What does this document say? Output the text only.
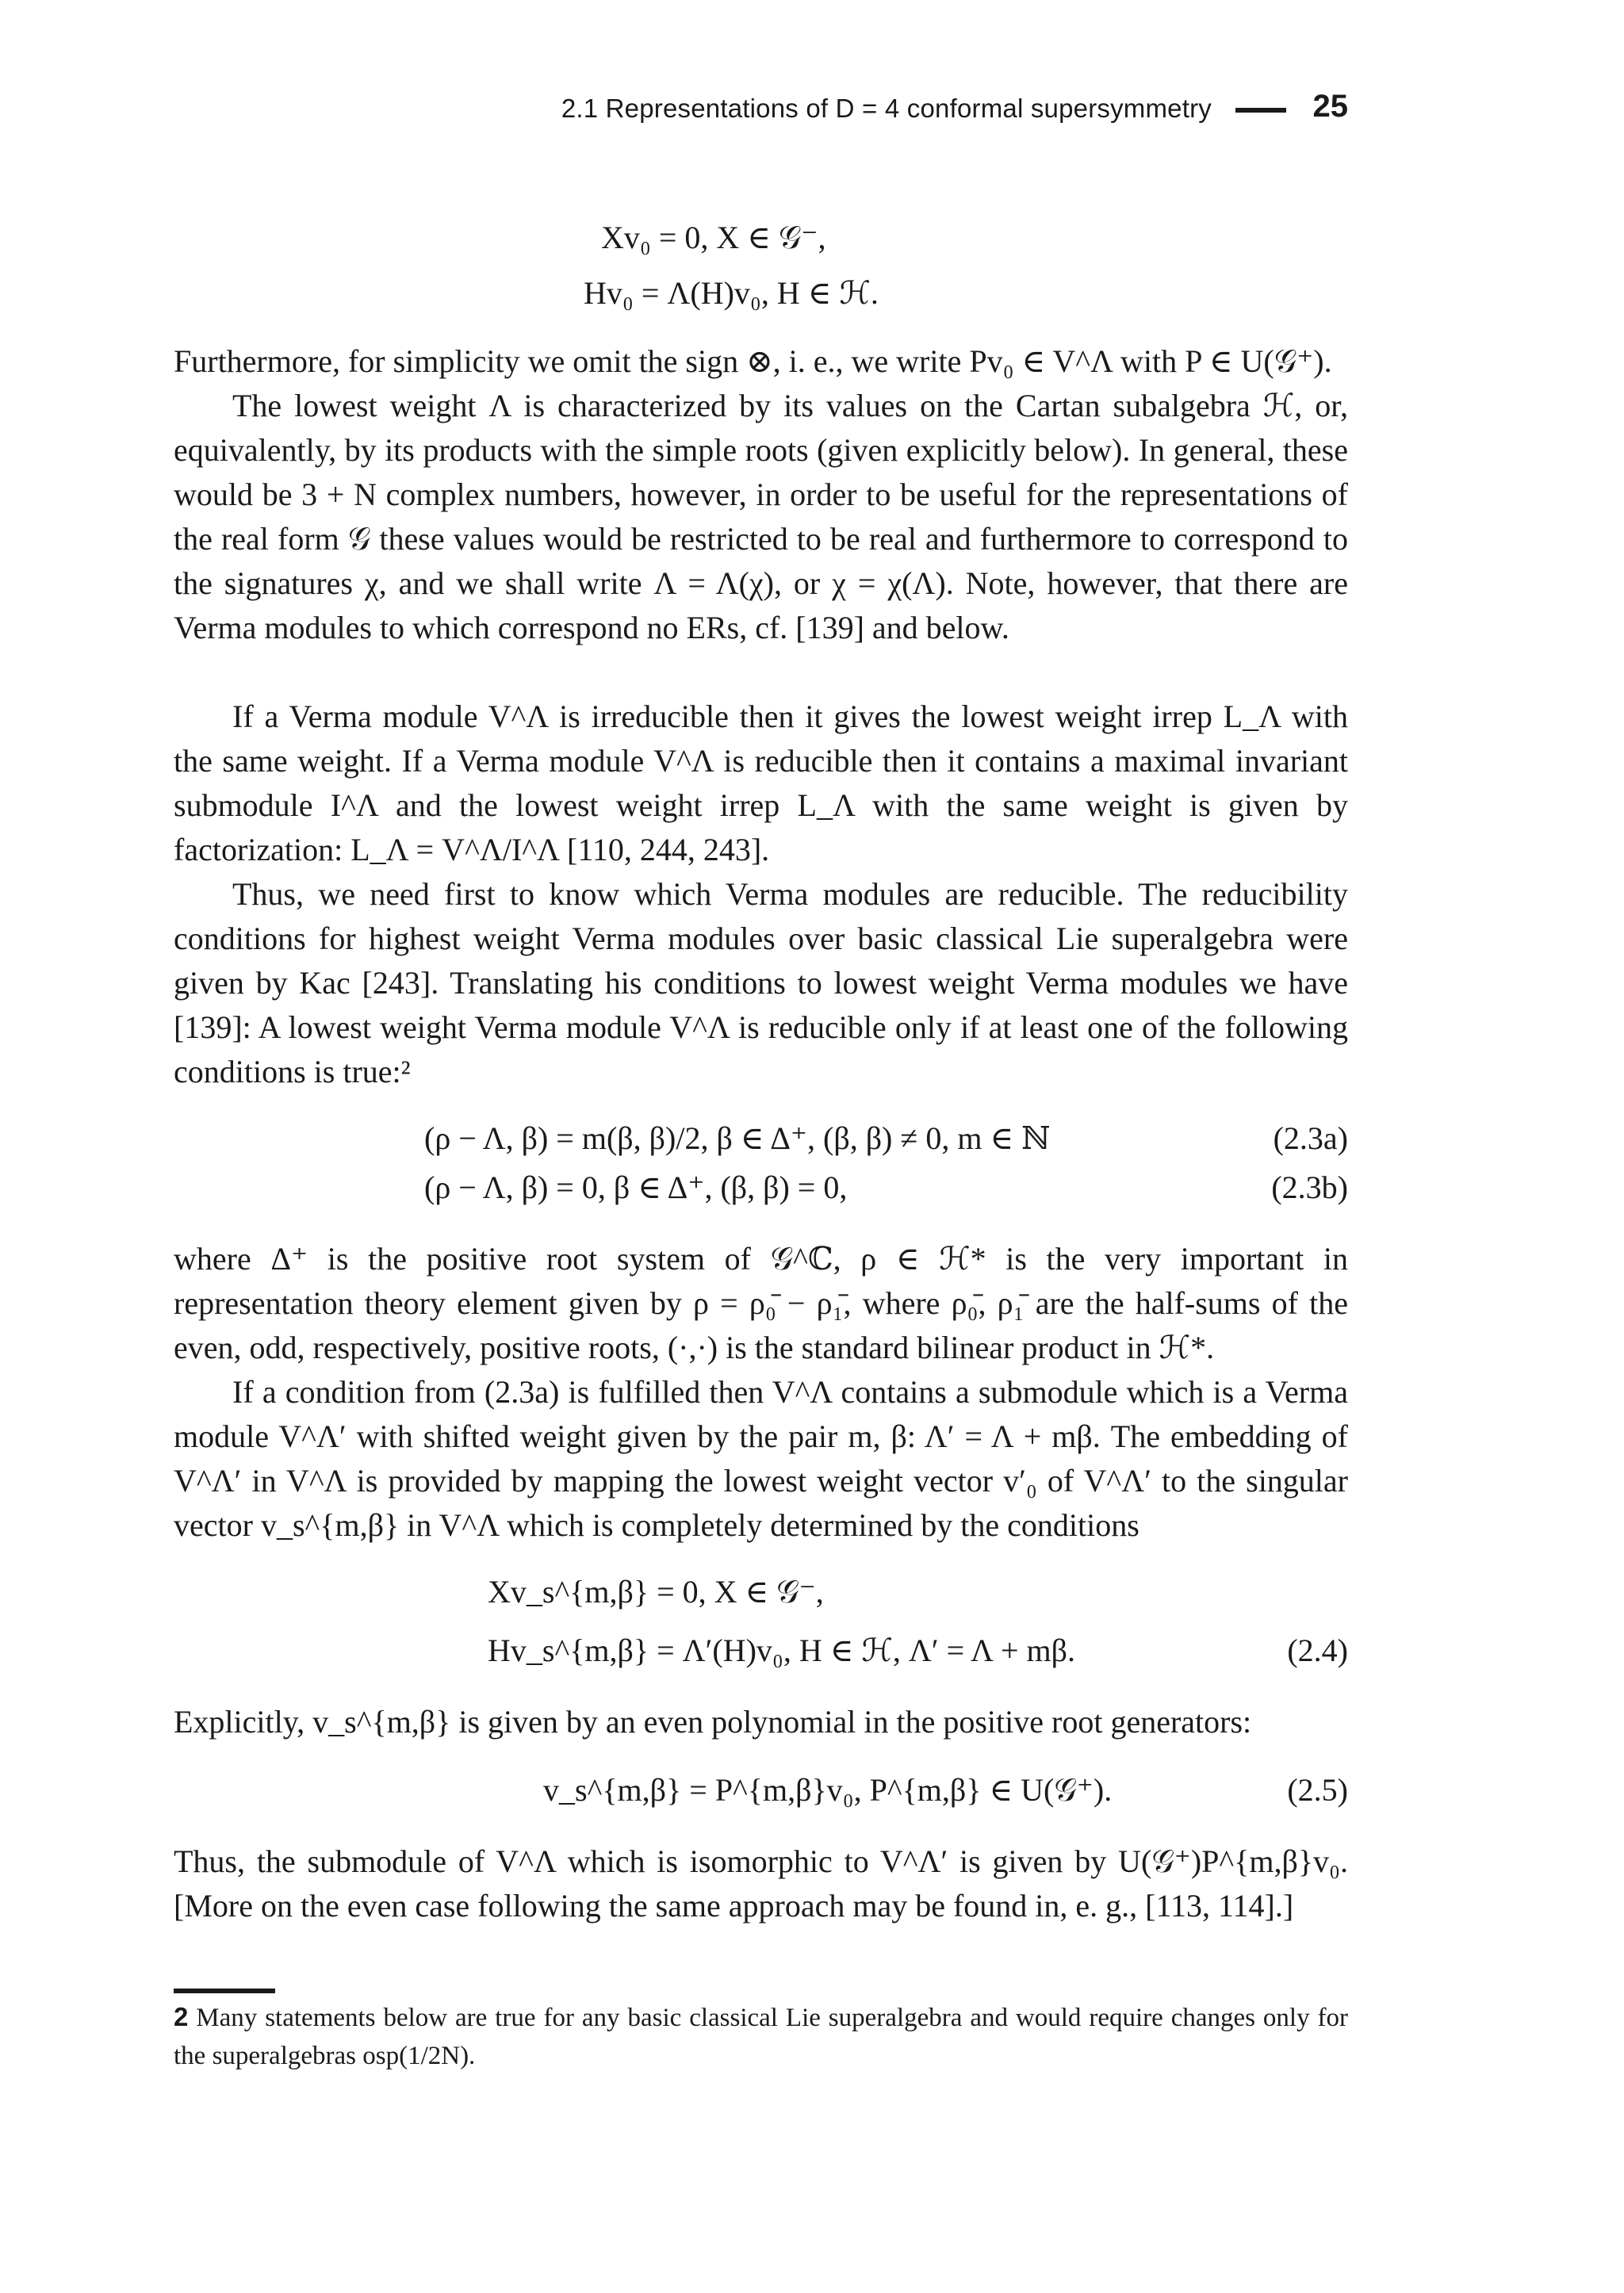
2.1 Representations of D = 4 conformal supersymmetry	25
Xv₀ = 0, X ∈ 𝒢⁻,
Hv₀ = Λ(H)v₀, H ∈ ℋ.

Furthermore, for simplicity we omit the sign ⊗, i. e., we write Pv₀ ∈ V^Λ with P ∈ U(𝒢⁺).

The lowest weight Λ is characterized by its values on the Cartan subalgebra ℋ, or, equivalently, by its products with the simple roots (given explicitly below). In general, these would be 3 + N complex numbers, however, in order to be useful for the representations of the real form 𝒢 these values would be restricted to be real and furthermore to correspond to the signatures χ, and we shall write Λ = Λ(χ), or χ = χ(Λ). Note, however, that there are Verma modules to which correspond no ERs, cf. [139] and below.

If a Verma module V^Λ is irreducible then it gives the lowest weight irrep L_Λ with the same weight. If a Verma module V^Λ is reducible then it contains a maximal invariant submodule I^Λ and the lowest weight irrep L_Λ with the same weight is given by factorization: L_Λ = V^Λ/I^Λ [110, 244, 243].

Thus, we need first to know which Verma modules are reducible. The reducibility conditions for highest weight Verma modules over basic classical Lie superalgebra were given by Kac [243]. Translating his conditions to lowest weight Verma modules we have [139]: A lowest weight Verma module V^Λ is reducible only if at least one of the following conditions is true:²

(ρ − Λ, β) = m(β, β)/2, β ∈ Δ⁺, (β, β) ≠ 0, m ∈ ℕ	(2.3a)
(ρ − Λ, β) = 0, β ∈ Δ⁺, (β, β) = 0,	(2.3b)

where Δ⁺ is the positive root system of 𝒢^ℂ, ρ ∈ ℋ* is the very important in representation theory element given by ρ = ρ₀̄ − ρ₁̄, where ρ₀̄, ρ₁̄ are the half-sums of the even, odd, respectively, positive roots, (·,·) is the standard bilinear product in ℋ*.

If a condition from (2.3a) is fulfilled then V^Λ contains a submodule which is a Verma module V^Λ′ with shifted weight given by the pair m, β: Λ′ = Λ + mβ. The embedding of V^Λ′ in V^Λ is provided by mapping the lowest weight vector v′₀ of V^Λ′ to the singular vector v_s^{m,β} in V^Λ which is completely determined by the conditions

Xv_s^{m,β} = 0, X ∈ 𝒢⁻,
Hv_s^{m,β} = Λ′(H)v₀, H ∈ ℋ, Λ′ = Λ + mβ.	(2.4)

Explicitly, v_s^{m,β} is given by an even polynomial in the positive root generators:

v_s^{m,β} = P^{m,β}v₀, P^{m,β} ∈ U(𝒢⁺).	(2.5)

Thus, the submodule of V^Λ which is isomorphic to V^Λ′ is given by U(𝒢⁺)P^{m,β}v₀. [More on the even case following the same approach may be found in, e. g., [113, 114].]

2 Many statements below are true for any basic classical Lie superalgebra and would require changes only for the superalgebras osp(1/2N).
